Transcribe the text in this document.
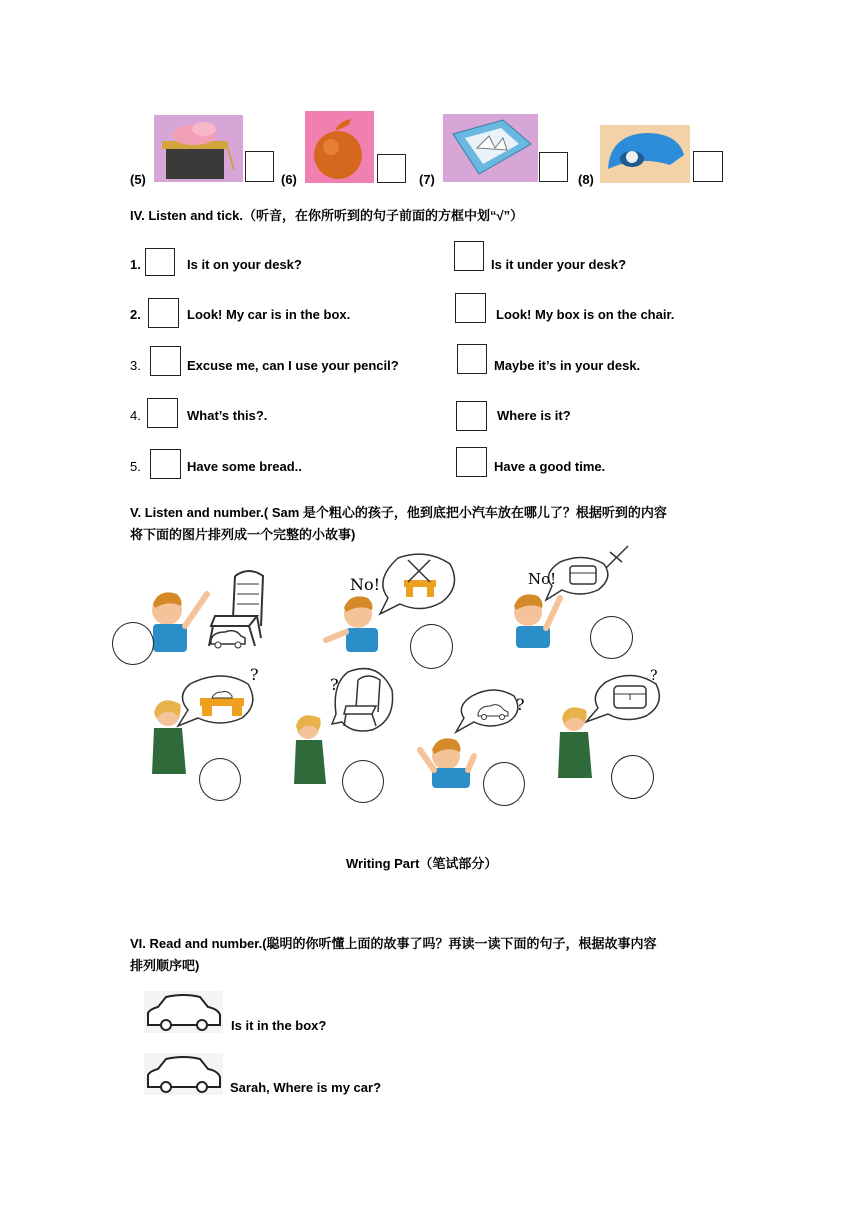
(5)	(6)	(7)	(8)
IV. Listen and tick.（听音，在你所听到的句子前面的方框中划“√”）
1.	Is it on your desk?	Is it under your desk?
2.	Look! My car is in the box.	Look! My box is on the chair.
3.	Excuse me, can I use your pencil?	Maybe it’s in your desk.
4.	What’s this?.	Where is it?
5.	Have some bread..	Have a good time.
V. Listen and number.( Sam 是个粗心的孩子，他到底把小汽车放在哪儿了？根据听到的内容
将下面的图片排列成一个完整的小故事)
No!	No!
?
?
?
?
Writing Part（笔试部分）
VI. Read and number.(聪明的你听懂上面的故事了吗？再读一读下面的句子，根据故事内容
排列顺序吧)
Is it in the box?
Sarah, Where is my car?
